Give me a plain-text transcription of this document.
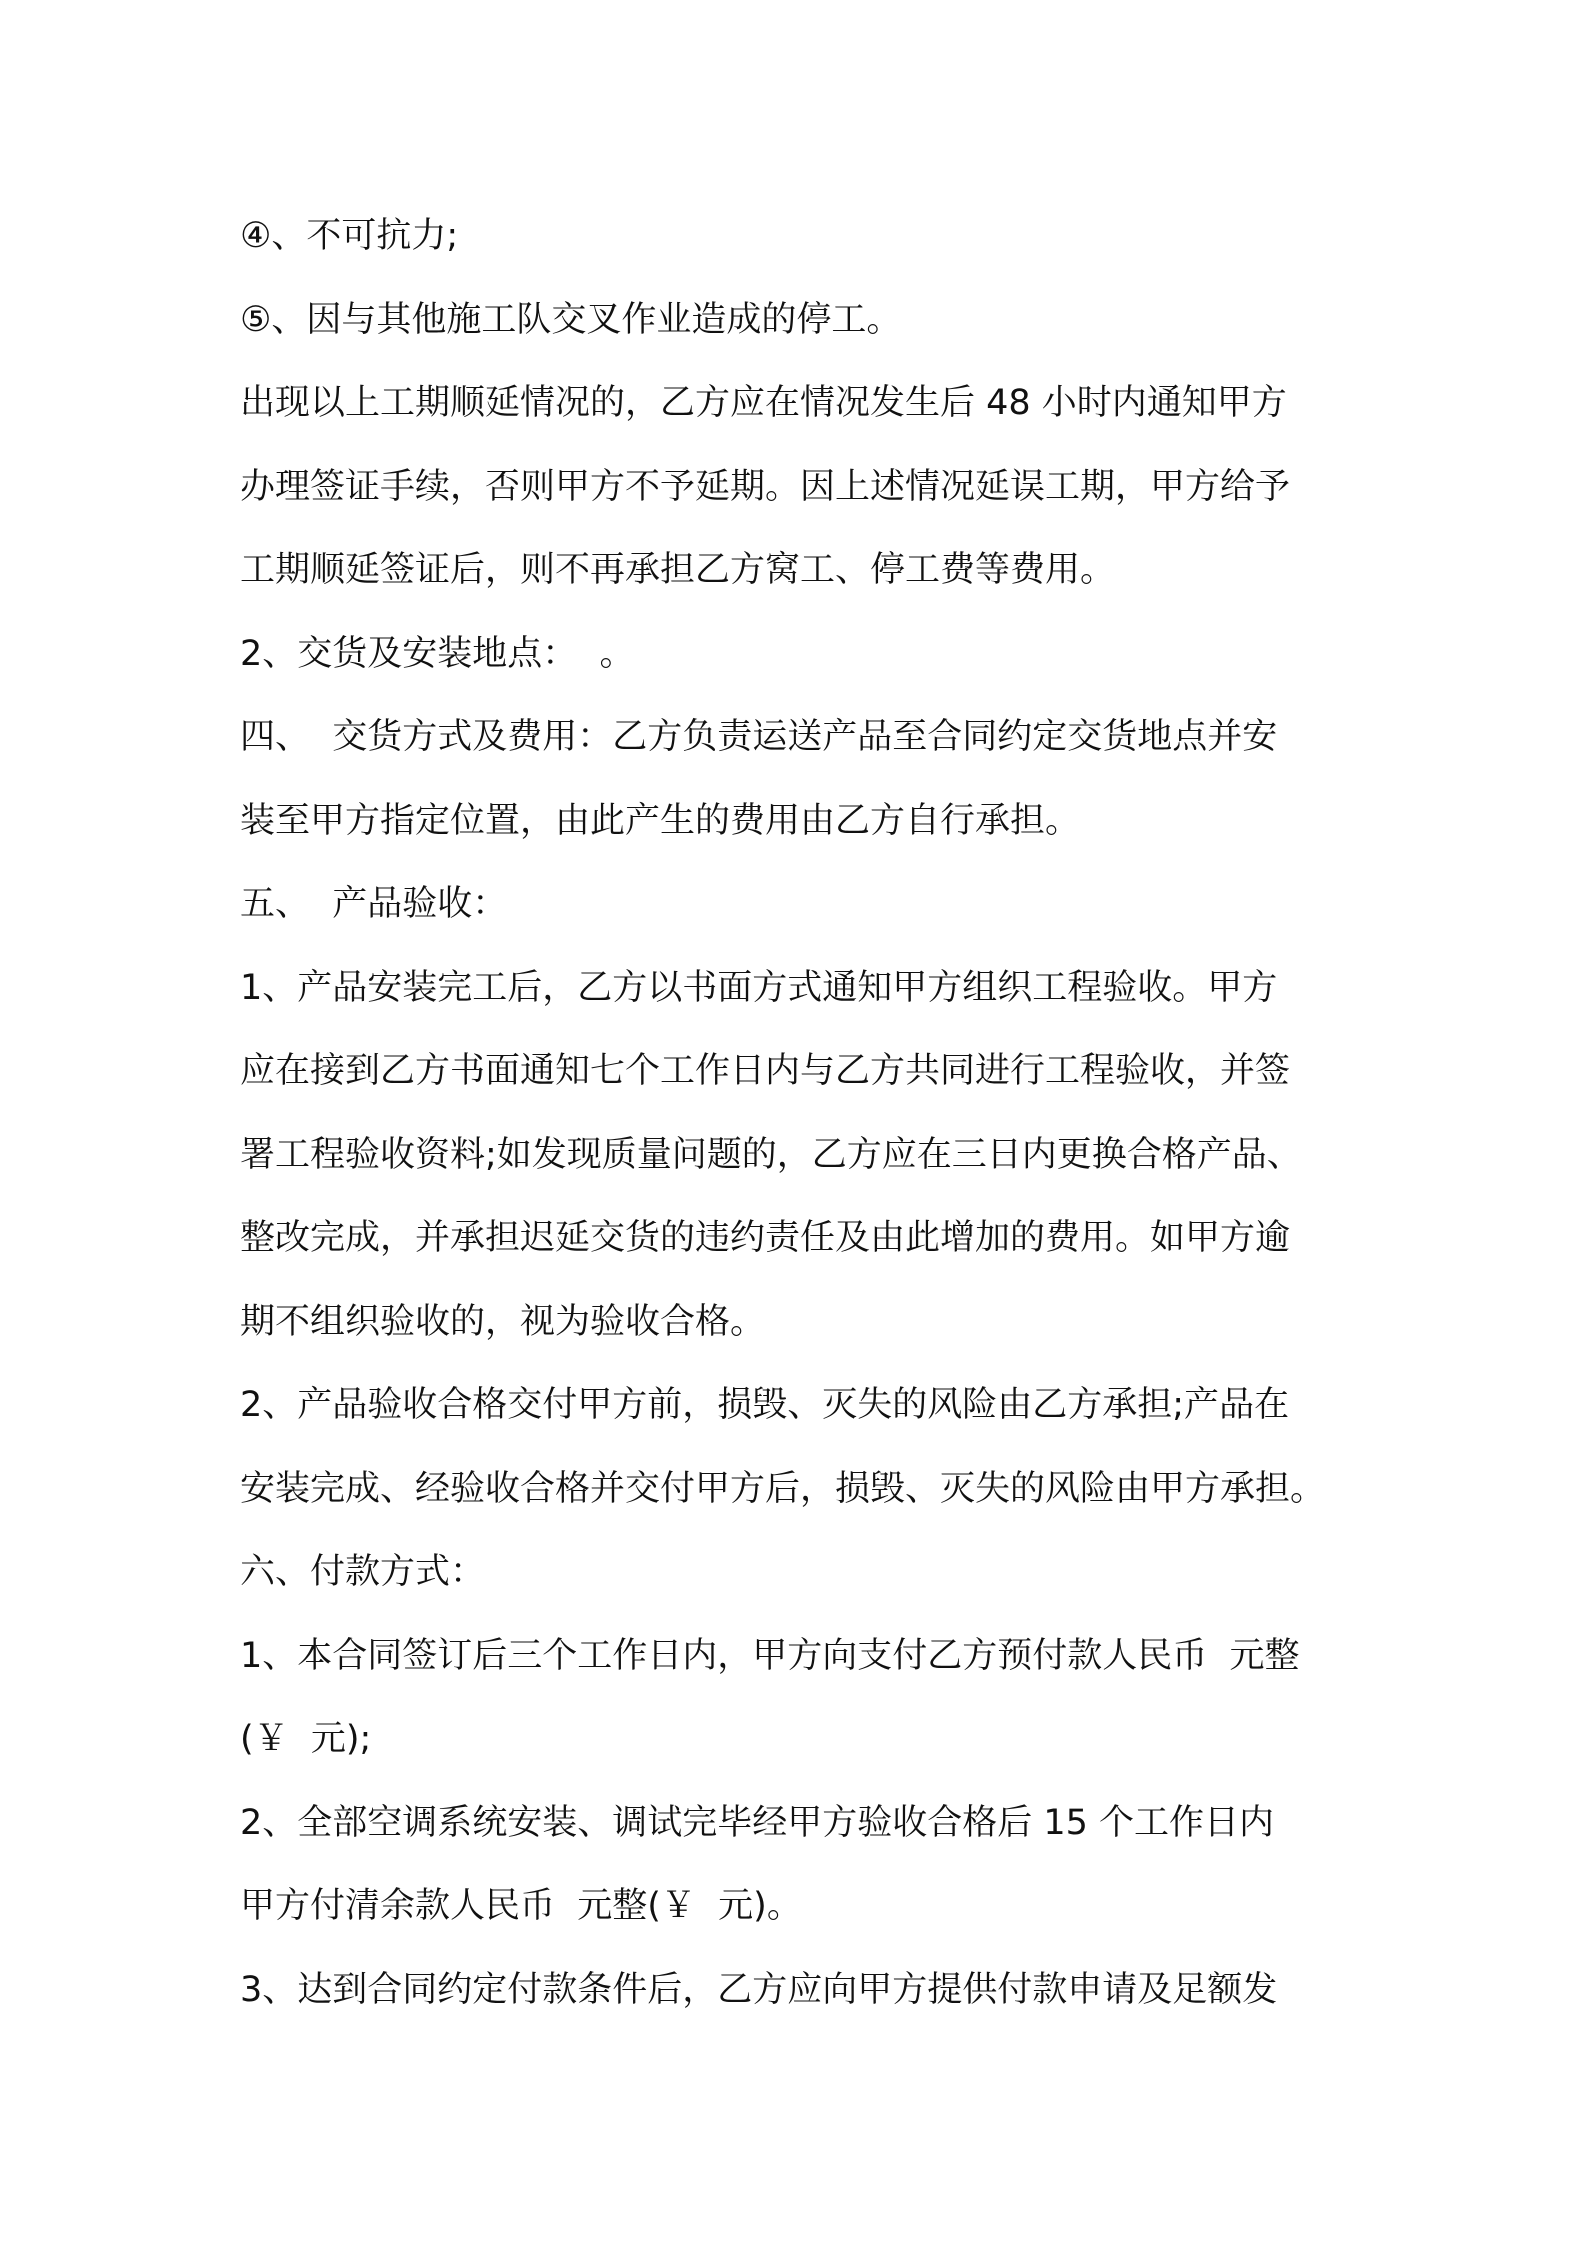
④、不可抗力;
⑤、因与其他施工队交叉作业造成的停工。
出现以上工期顺延情况的，乙方应在情况发生后 48 小时内通知甲方
办理签证手续，否则甲方不予延期。因上述情况延误工期，甲方给予
工期顺延签证后，则不再承担乙方窝工、停工费等费用。
2、交货及安装地点：  。
四、  交货方式及费用：乙方负责运送产品至合同约定交货地点并安
装至甲方指定位置，由此产生的费用由乙方自行承担。
五、  产品验收：
1、产品安装完工后，乙方以书面方式通知甲方组织工程验收。甲方
应在接到乙方书面通知七个工作日内与乙方共同进行工程验收，并签
署工程验收资料;如发现质量问题的，乙方应在三日内更换合格产品、
整改完成，并承担迟延交货的违约责任及由此增加的费用。如甲方逾
期不组织验收的，视为验收合格。
2、产品验收合格交付甲方前，损毁、灭失的风险由乙方承担;产品在
安装完成、经验收合格并交付甲方后，损毁、灭失的风险由甲方承担。
六、付款方式：
1、本合同签订后三个工作日内，甲方向支付乙方预付款人民币  元整
(￥  元);
2、全部空调系统安装、调试完毕经甲方验收合格后 15 个工作日内
甲方付清余款人民币  元整(￥  元)。
3、达到合同约定付款条件后，乙方应向甲方提供付款申请及足额发
